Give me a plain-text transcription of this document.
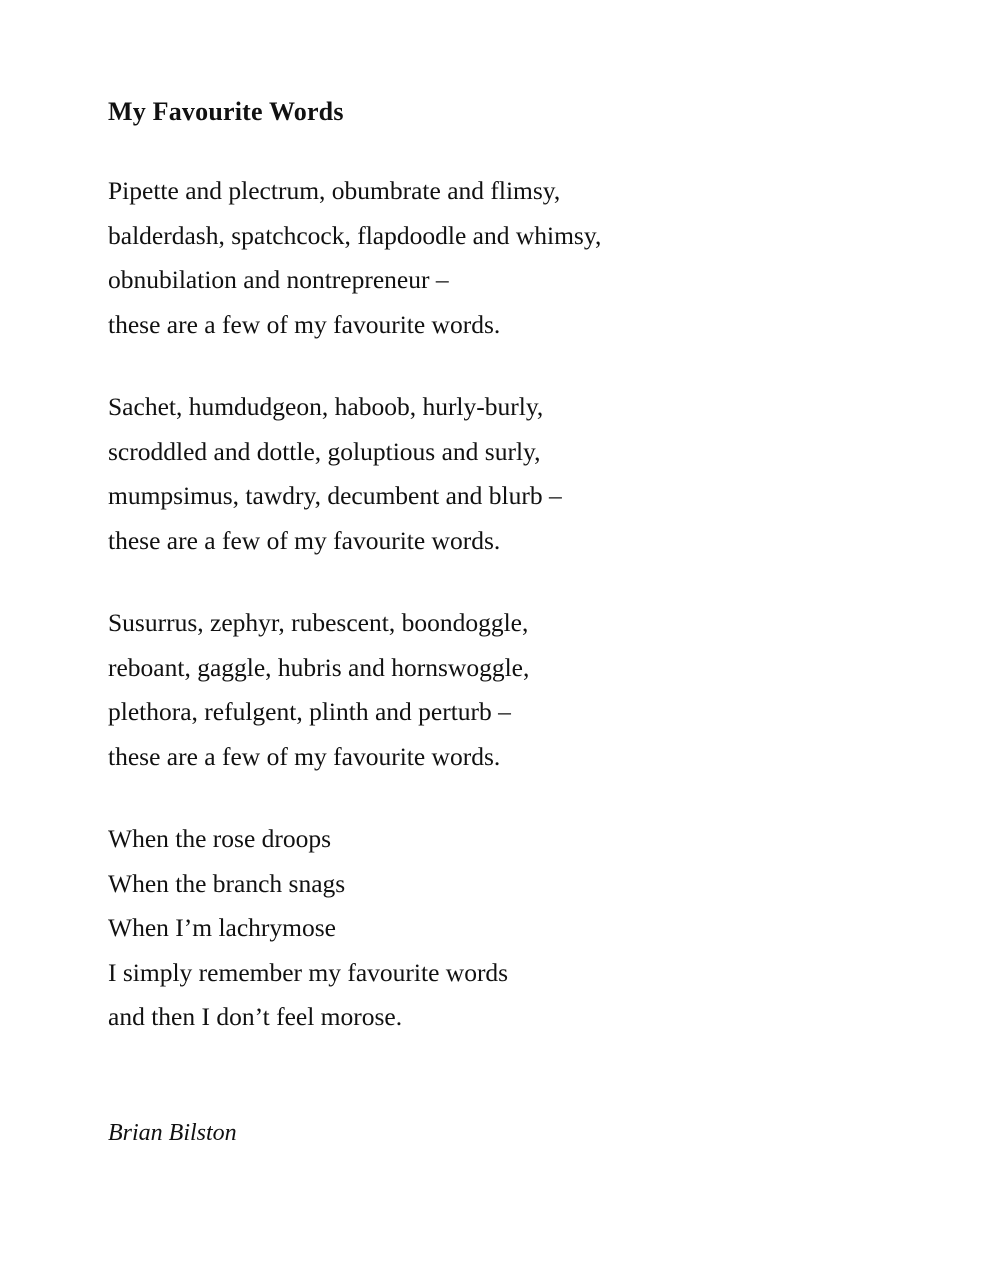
My Favourite Words
Pipette and plectrum, obumbrate and flimsy,
balderdash, spatchcock, flapdoodle and whimsy,
obnubilation and nontrepreneur –
these are a few of my favourite words.
Sachet, humdudgeon, haboob, hurly-burly,
scroddled and dottle, goluptious and surly,
mumpsimus, tawdry, decumbent and blurb –
these are a few of my favourite words.
Susurrus, zephyr, rubescent, boondoggle,
reboant, gaggle, hubris and hornswoggle,
plethora, refulgent, plinth and perturb –
these are a few of my favourite words.
When the rose droops
When the branch snags
When I’m lachrymose
I simply remember my favourite words
and then I don’t feel morose.
Brian Bilston
